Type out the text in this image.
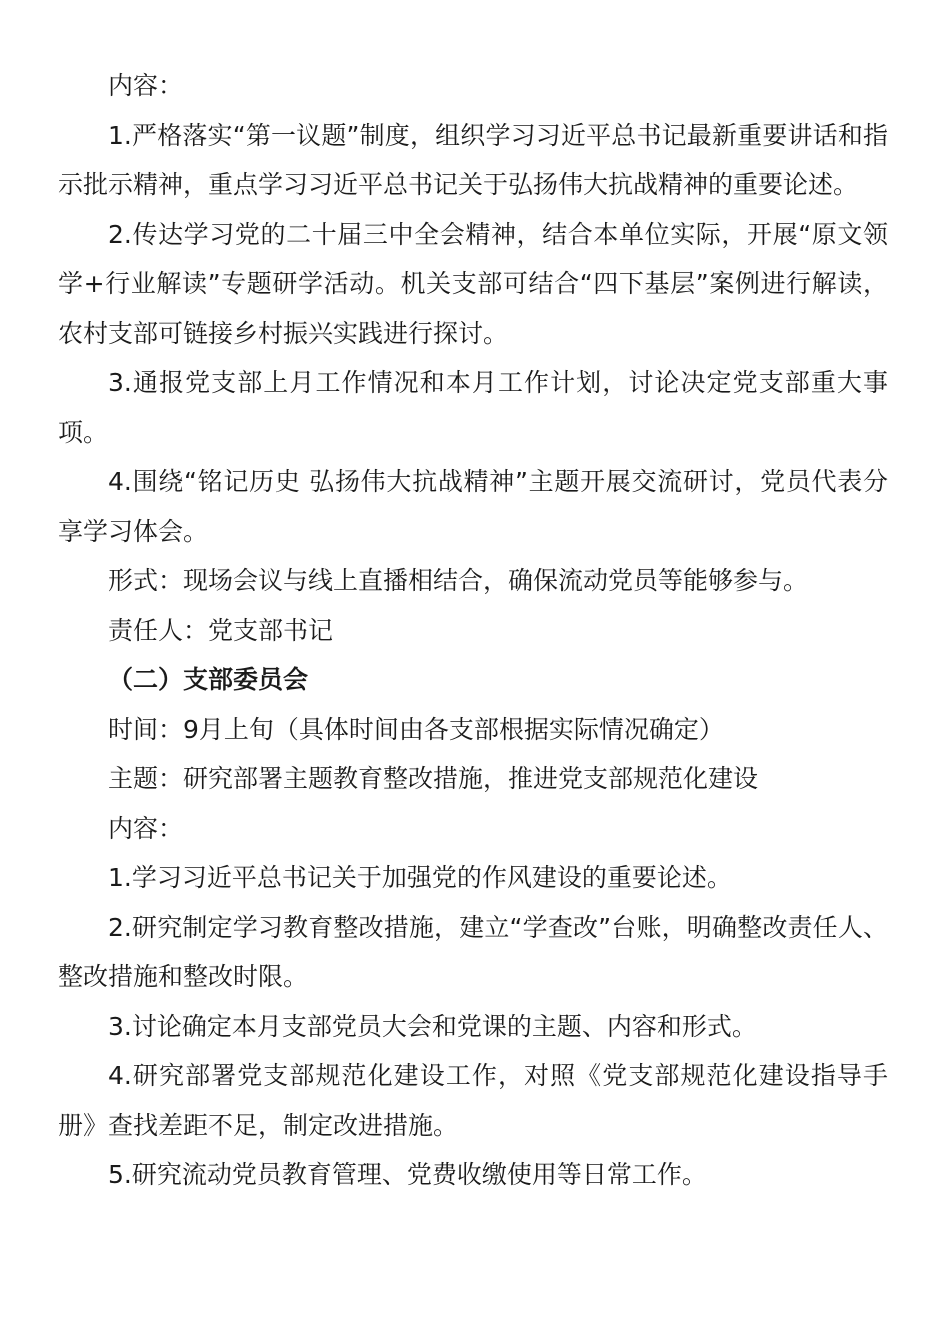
内容：

1.严格落实“第一议题”制度，组织学习习近平总书记最新重要讲话和指示批示精神，重点学习习近平总书记关于弘扬伟大抗战精神的重要论述。

2.传达学习党的二十届三中全会精神，结合本单位实际，开展“原文领学+行业解读”专题研学活动。机关支部可结合“四下基层”案例进行解读，农村支部可链接乡村振兴实践进行探讨。

3.通报党支部上月工作情况和本月工作计划，讨论决定党支部重大事项。

4.围绕“铭记历史 弘扬伟大抗战精神”主题开展交流研讨，党员代表分享学习体会。

形式：现场会议与线上直播相结合，确保流动党员等能够参与。

责任人：党支部书记

（二）支部委员会

时间：9月上旬（具体时间由各支部根据实际情况确定）

主题：研究部署主题教育整改措施，推进党支部规范化建设

内容：

1.学习习近平总书记关于加强党的作风建设的重要论述。

2.研究制定学习教育整改措施，建立“学查改”台账，明确整改责任人、整改措施和整改时限。

3.讨论确定本月支部党员大会和党课的主题、内容和形式。

4.研究部署党支部规范化建设工作，对照《党支部规范化建设指导手册》查找差距不足，制定改进措施。

5.研究流动党员教育管理、党费收缴使用等日常工作。
